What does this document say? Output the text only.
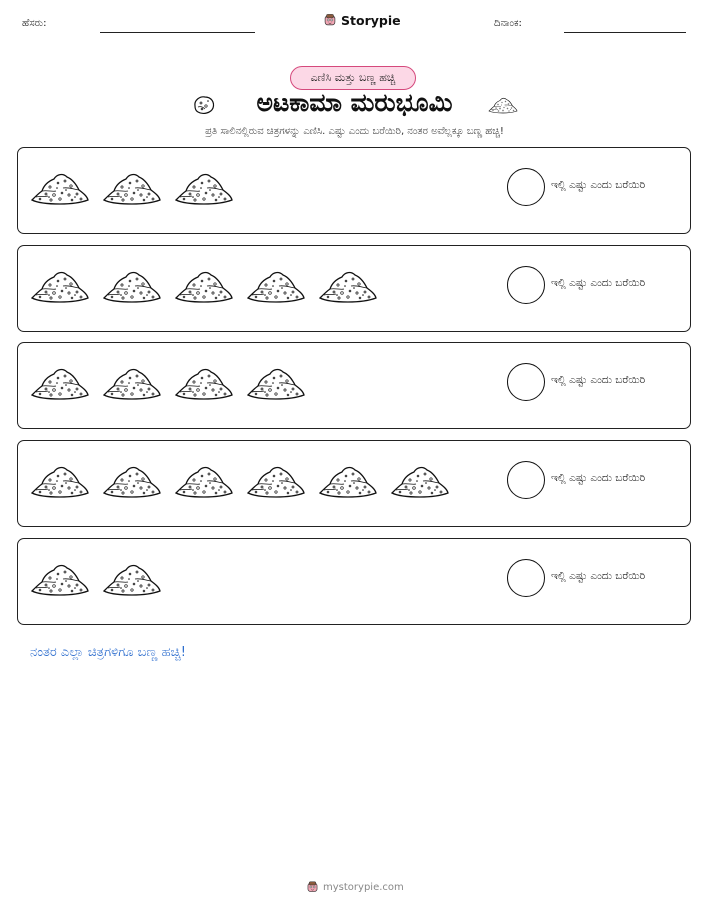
ಹೆಸರು:	Storypie	ದಿನಾಂಕ:
ಎಣಿಸಿ ಮತ್ತು ಬಣ್ಣ ಹಚ್ಚಿ
ಅಟಕಾಮಾ ಮರುಭೂಮಿ
ಪ್ರತಿ ಸಾಲಿನಲ್ಲಿರುವ ಚಿತ್ರಗಳನ್ನು ಎಣಿಸಿ. ಎಷ್ಟು ಎಂದು ಬರೆಯಿರಿ, ನಂತರ ಅವೆಲ್ಲಕ್ಕೂ ಬಣ್ಣ ಹಚ್ಚಿ!
ಇಲ್ಲಿ ಎಷ್ಟು ಎಂದು ಬರೆಯಿರಿ
ಇಲ್ಲಿ ಎಷ್ಟು ಎಂದು ಬರೆಯಿರಿ
ಇಲ್ಲಿ ಎಷ್ಟು ಎಂದು ಬರೆಯಿರಿ
ಇಲ್ಲಿ ಎಷ್ಟು ಎಂದು ಬರೆಯಿರಿ
ಇಲ್ಲಿ ಎಷ್ಟು ಎಂದು ಬರೆಯಿರಿ
ನಂತರ ಎಲ್ಲಾ ಚಿತ್ರಗಳಿಗೂ ಬಣ್ಣ ಹಚ್ಚಿ!
mystorypie.com
